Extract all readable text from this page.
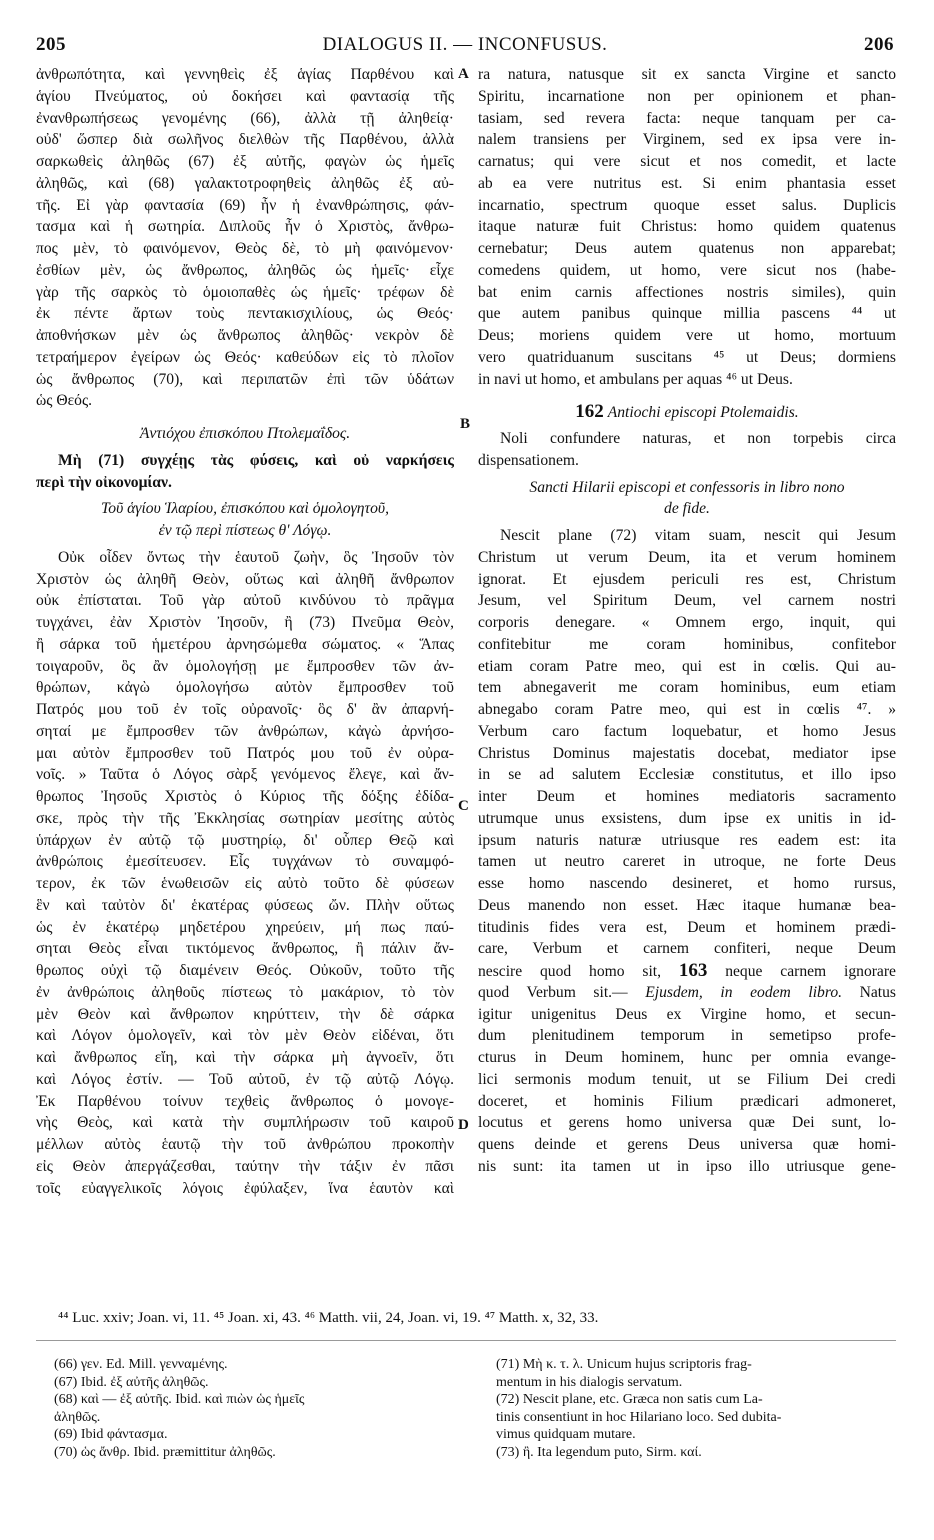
205	DIALOGUS II. — INCONFUSUS.	206
A
B
C
D
ἀνθρωπότητα, καὶ γεννηθεὶς ἐξ ἁγίας Παρθένου καὶ
ἁγίου Πνεύματος, οὐ δοκήσει καὶ φαντασίᾳ τῆς
ἐνανθρωπήσεως γενομένης (66), ἀλλὰ τῇ ἀληθείᾳ·
οὐδ' ὥσπερ διὰ σωλῆνος διελθὼν τῆς Παρθένου, ἀλλὰ
σαρκωθεὶς ἀληθῶς (67) ἐξ αὐτῆς, φαγὼν ὡς ἡμεῖς
ἀληθῶς, καὶ (68) γαλακτοτροφηθεὶς ἀληθῶς ἐξ αὐ-
τῆς. Εἰ γὰρ φαντασία (69) ἦν ἡ ἐνανθρώπησις, φάν-
τασμα καὶ ἡ σωτηρία. Διπλοῦς ἦν ὁ Χριστὸς, ἄνθρω-
πος μὲν, τὸ φαινόμενον, Θεὸς δὲ, τὸ μὴ φαινόμενον·
ἐσθίων μὲν, ὡς ἄνθρωπος, ἀληθῶς ὡς ἡμεῖς· εἶχε
γὰρ τῆς σαρκὸς τὸ ὁμοιοπαθὲς ὡς ἡμεῖς· τρέφων δὲ
ἐκ πέντε ἄρτων τοὺς πεντακισχιλίους, ὡς Θεός·
ἀποθνήσκων μὲν ὡς ἄνθρωπος ἀληθῶς· νεκρὸν δὲ
τετραήμερον ἐγείρων ὡς Θεός· καθεύδων εἰς τὸ πλοῖον
ὡς ἄνθρωπος (70), καὶ περιπατῶν ἐπὶ τῶν ὑδάτων
ὡς Θεός.
Ἀντιόχου ἐπισκόπου Πτολεμαΐδος.
Μὴ (71) συγχέῃς τὰς φύσεις, καὶ οὐ ναρκήσεις
περὶ τὴν οἰκονομίαν.
Τοῦ ἁγίου Ἱλαρίου, ἐπισκόπου καὶ ὁμολογητοῦ,
ἐν τῷ περὶ πίστεως θ' Λόγῳ.
Οὐκ οἶδεν ὄντως τὴν ἑαυτοῦ ζωὴν, ὃς Ἰησοῦν τὸν
Χριστὸν ὡς ἀληθῆ Θεὸν, οὕτως καὶ ἀληθῆ ἄνθρωπον
οὐκ ἐπίσταται. Τοῦ γὰρ αὐτοῦ κινδύνου τὸ πρᾶγμα
τυγχάνει, ἐὰν Χριστὸν Ἰησοῦν, ἢ (73) Πνεῦμα Θεὸν,
ἢ σάρκα τοῦ ἡμετέρου ἀρνησώμεθα σώματος. « Ἅπας
τοιγαροῦν, ὃς ἂν ὁμολογήσῃ με ἔμπροσθεν τῶν ἀν-
θρώπων, κἀγὼ ὁμολογήσω αὐτὸν ἔμπροσθεν τοῦ
Πατρός μου τοῦ ἐν τοῖς οὐρανοῖς· ὃς δ' ἂν ἀπαρνή-
σηταί με ἔμπροσθεν τῶν ἀνθρώπων, κἀγὼ ἀρνήσο-
μαι αὐτὸν ἔμπροσθεν τοῦ Πατρός μου τοῦ ἐν οὐρα-
νοῖς. » Ταῦτα ὁ Λόγος σὰρξ γενόμενος ἔλεγε, καὶ ἄν-
θρωπος Ἰησοῦς Χριστὸς ὁ Κύριος τῆς δόξης ἐδίδα-
σκε, πρὸς τὴν τῆς Ἐκκλησίας σωτηρίαν μεσίτης αὐτὸς
ὑπάρχων ἐν αὐτῷ τῷ μυστηρίῳ, δι' οὗπερ Θεῷ καὶ
ἀνθρώποις ἐμεσίτευσεν. Εἷς τυγχάνων τὸ συναμφό-
τερον, ἐκ τῶν ἑνωθεισῶν εἰς αὐτὸ τοῦτο δὲ φύσεων
ἓν καὶ ταὐτὸν δι' ἑκατέρας φύσεως ὤν. Πλὴν οὕτως
ὡς ἐν ἑκατέρῳ μηδετέρου χηρεύειν, μή πως παύ-
σηται Θεὸς εἶναι τικτόμενος ἄνθρωπος, ἢ πάλιν ἄν-
θρωπος οὐχὶ τῷ διαμένειν Θεός. Οὐκοῦν, τοῦτο τῆς
ἐν ἀνθρώποις ἀληθοῦς πίστεως τὸ μακάριον, τὸ τὸν
μὲν Θεὸν καὶ ἄνθρωπον κηρύττειν, τὴν δὲ σάρκα
καὶ Λόγον ὁμολογεῖν, καὶ τὸν μὲν Θεὸν εἰδέναι, ὅτι
καὶ ἄνθρωπος εἴη, καὶ τὴν σάρκα μὴ ἀγνοεῖν, ὅτι
καὶ Λόγος ἐστίν. — Τοῦ αὐτοῦ, ἐν τῷ αὐτῷ Λόγῳ.
Ἐκ Παρθένου τοίνυν τεχθεὶς ἄνθρωπος ὁ μονογε-
νὴς Θεὸς, καὶ κατὰ τὴν συμπλήρωσιν τοῦ καιροῦ
μέλλων αὐτὸς ἑαυτῷ τὴν τοῦ ἀνθρώπου προκοπὴν
εἰς Θεὸν ἀπεργάζεσθαι, ταύτην τὴν τάξιν ἐν πᾶσι
τοῖς εὐαγγελικοῖς λόγοις ἐφύλαξεν, ἵνα ἑαυτὸν καὶ
ra natura, natusque sit ex sancta Virgine et sancto
Spiritu, incarnatione non per opinionem et phan-
tasiam, sed revera facta: neque tanquam per ca-
nalem transiens per Virginem, sed ex ipsa vere in-
carnatus; qui vere sicut et nos comedit, et lacte
ab ea vere nutritus est. Si enim phantasia esset
incarnatio, spectrum quoque esset salus. Duplicis
itaque naturæ fuit Christus: homo quidem quatenus
cernebatur; Deus autem quatenus non apparebat;
comedens quidem, ut homo, vere sicut nos (habe-
bat enim carnis affectiones nostris similes), quin
que autem panibus quinque millia pascens ⁴⁴ ut
Deus; moriens quidem vere ut homo, mortuum
vero quatriduanum suscitans ⁴⁵ ut Deus; dormiens
in navi ut homo, et ambulans per aquas ⁴⁶ ut Deus.
162 Antiochi episcopi Ptolemaidis.
Noli confundere naturas, et non torpebis circa
dispensationem.
Sancti Hilarii episcopi et confessoris in libro nono
de fide.
Nescit plane (72) vitam suam, nescit qui Jesum
Christum ut verum Deum, ita et verum hominem
ignorat. Et ejusdem periculi res est, Christum
Jesum, vel Spiritum Deum, vel carnem nostri
corporis denegare. « Omnem ergo, inquit, qui
confitebitur me coram hominibus, confitebor
etiam coram Patre meo, qui est in cœlis. Qui au-
tem abnegaverit me coram hominibus, eum etiam
abnegabo coram Patre meo, qui est in cœlis ⁴⁷. »
Verbum caro factum loquebatur, et homo Jesus
Christus Dominus majestatis docebat, mediator ipse
in se ad salutem Ecclesiæ constitutus, et illo ipso
inter Deum et homines mediatoris sacramento
utrumque unus exsistens, dum ipse ex unitis in id-
ipsum naturis naturæ utriusque res eadem est: ita
tamen ut neutro careret in utroque, ne forte Deus
esse homo nascendo desineret, et homo rursus,
Deus manendo non esset. Hæc itaque humanæ bea-
titudinis fides vera est, Deum et hominem prædi-
care, Verbum et carnem confiteri, neque Deum
nescire quod homo sit, 163 neque carnem ignorare
quod Verbum sit.— Ejusdem, in eodem libro. Natus
igitur unigenitus Deus ex Virgine homo, et secun-
dum plenitudinem temporum in semetipso profe-
cturus in Deum hominem, hunc per omnia evange-
lici sermonis modum tenuit, ut se Filium Dei credi
doceret, et hominis Filium prædicari admoneret,
locutus et gerens homo universa quæ Dei sunt, lo-
quens deinde et gerens Deus universa quæ homi-
nis sunt: ita tamen ut in ipso illo utriusque gene-
⁴⁴ Luc. xxiv; Joan. vi, 11. ⁴⁵ Joan. xi, 43. ⁴⁶ Matth. vii, 24, Joan. vi, 19. ⁴⁷ Matth. x, 32, 33.
(66) γεν. Ed. Mill. γενναμένης.
(67) Ibid. ἐξ αὐτῆς ἀληθῶς.
(68) καὶ — ἐξ αὐτῆς. Ibid. καὶ πιὼν ὡς ἡμεῖς
ἀληθῶς.
(69) Ibid φάντασμα.
(70) ὡς ἄνθρ. Ibid. præmittitur ἀληθῶς.
(71) Μὴ κ. τ. λ. Unicum hujus scriptoris frag-
mentum in his dialogis servatum.
(72) Nescit plane, etc. Græca non satis cum La-
tinis consentiunt in hoc Hilariano loco. Sed dubita-
vimus quidquam mutare.
(73) ἢ. Ita legendum puto, Sirm. καί.
